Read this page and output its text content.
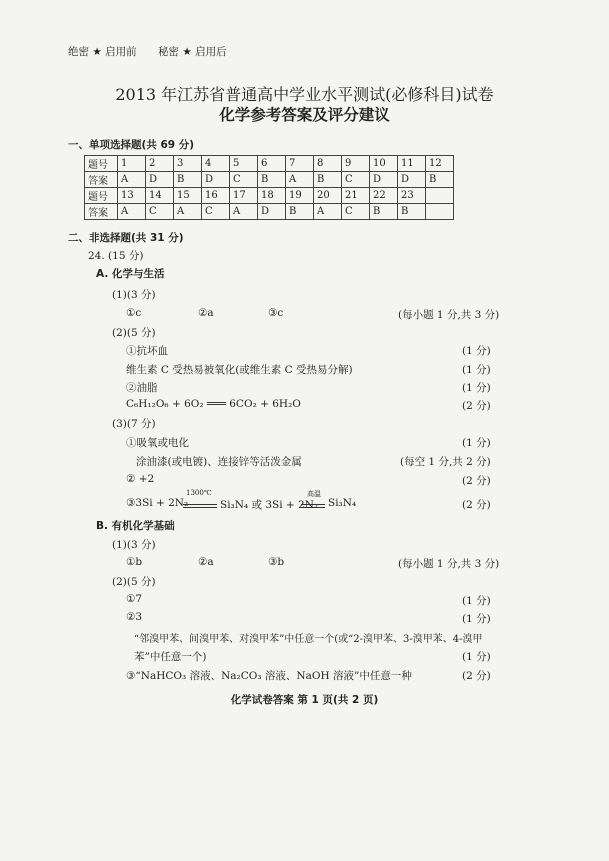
绝密 ★ 启用前 秘密 ★ 启用后
2013 年江苏省普通高中学业水平测试(必修科目)试卷
化学参考答案及评分建议
一、单项选择题(共 69 分)
题号	1	2	3	4	5	6	7	8	9	10	11	12
答案	A	D	B	D	C	B	A	B	C	D	D	B
题号	13	14	15	16	17	18	19	20	21	22	23	
答案	A	C	A	C	A	D	B	A	C	B	B	
二、非选择题(共 31 分)
24. (15 分)
A. 化学与生活
(1)(3 分)
①c	②a	③c	(每小题 1 分,共 3 分)
(2)(5 分)
①抗坏血	(1 分)
维生素 C 受热易被氧化(或维生素 C 受热易分解)	(1 分)
②油脂	(1 分)
C₆H₁₂O₆ + 6O₂ ═══ 6CO₂ + 6H₂O	(2 分)
(3)(7 分)
①吸氧或电化	(1 分)
涂油漆(或电镀)、连接锌等活泼金属	(每空 1 分,共 2 分)
② +2	(2 分)
③3Si + 2N₂
1300℃
Si₃N₄ 或 3Si + 2N₂
高温
Si₃N₄	(2 分)
B. 有机化学基础
(1)(3 分)
①b	②a	③b	(每小题 1 分,共 3 分)
(2)(5 分)
①7	(1 分)
②3	(1 分)
“邻溴甲苯、间溴甲苯、对溴甲苯”中任意一个(或“2-溴甲苯、3-溴甲苯、4-溴甲
苯”中任意一个)	(1 分)
③“NaHCO₃ 溶液、Na₂CO₃ 溶液、NaOH 溶液”中任意一种	(2 分)
化学试卷答案 第 1 页(共 2 页)
